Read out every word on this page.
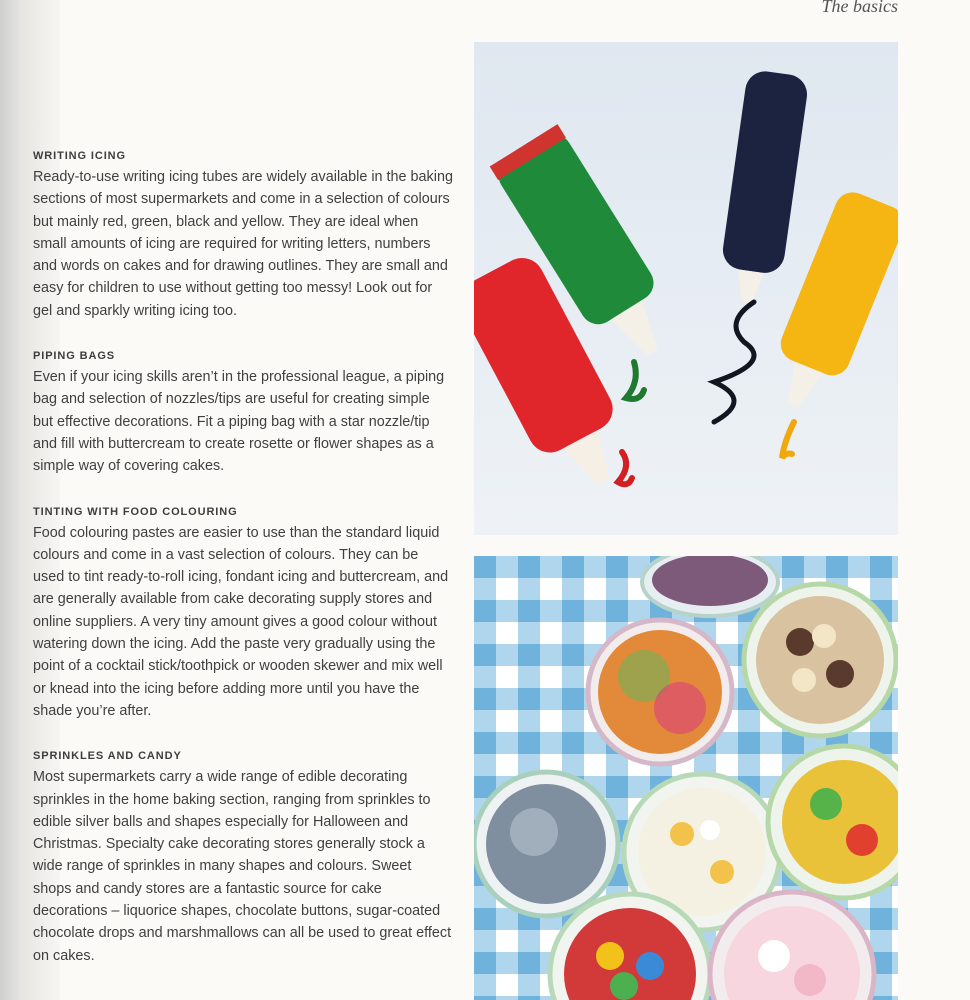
The basics

WRITING ICING

Ready-to-use writing icing tubes are widely available in the baking sections of most supermarkets and come in a selection of colours but mainly red, green, black and yellow. They are ideal when small amounts of icing are required for writing letters, numbers and words on cakes and for drawing outlines. They are small and easy for children to use without getting too messy! Look out for gel and sparkly writing icing too.

PIPING BAGS

Even if your icing skills aren’t in the professional league, a piping bag and selection of nozzles/tips are useful for creating simple but effective decorations. Fit a piping bag with a star nozzle/tip and fill with buttercream to create rosette or flower shapes as a simple way of covering cakes.

TINTING WITH FOOD COLOURING

Food colouring pastes are easier to use than the standard liquid colours and come in a vast selection of colours. They can be used to tint ready-to-roll icing, fondant icing and buttercream, and are generally available from cake decorating supply stores and online suppliers. A very tiny amount gives a good colour without watering down the icing. Add the paste very gradually using the point of a cocktail stick/toothpick or wooden skewer and mix well or knead into the icing before adding more until you have the shade you’re after.

SPRINKLES AND CANDY

Most supermarkets carry a wide range of edible decorating sprinkles in the home baking section, ranging from sprinkles to edible silver balls and shapes especially for Halloween and Christmas. Specialty cake decorating stores generally stock a wide range of sprinkles in many shapes and colours. Sweet shops and candy stores are a fantastic source for cake decorations – liquorice shapes, chocolate buttons, sugar-coated chocolate drops and marshmallows can all be used to great effect on cakes.
